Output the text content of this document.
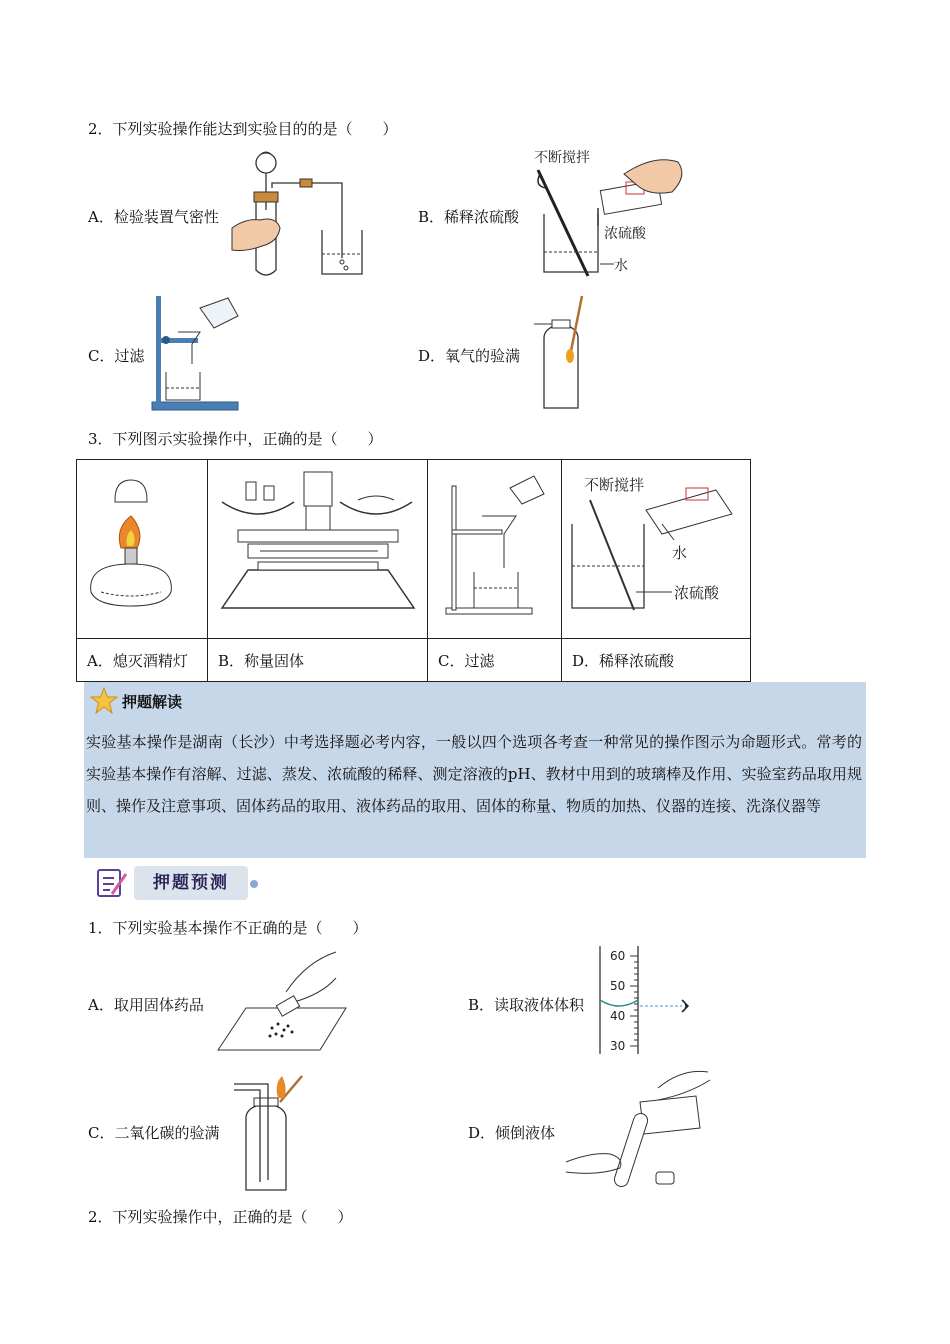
2．下列实验操作能达到实验目的的是（　　）
A．检验装置气密性	B．稀释浓硫酸
不断搅拌
水
浓硫酸
C．过滤	D．氧气的验满
3．下列图示实验操作中，正确的是（　　）

不断搅拌
水
浓硫酸

A．熄灭酒精灯	B．称量固体	C．过滤	D．稀释浓硫酸
押题解读
实验基本操作是湖南（长沙）中考选择题必考内容，一般以四个选项各考查一种常见的操作图示为命题形式。常考的实验基本操作有溶解、过滤、蒸发、浓硫酸的稀释、测定溶液的pH、教材中用到的玻璃棒及作用、实验室药品取用规则、操作及注意事项、固体药品的取用、液体药品的取用、固体的称量、物质的加热、仪器的连接、洗涤仪器等
押题预测
1．下列实验基本操作不正确的是（　　）
A．取用固体药品	B．读取液体体积
60
50
40
30
C．二氧化碳的验满	D．倾倒液体
2．下列实验操作中，正确的是（　　）
